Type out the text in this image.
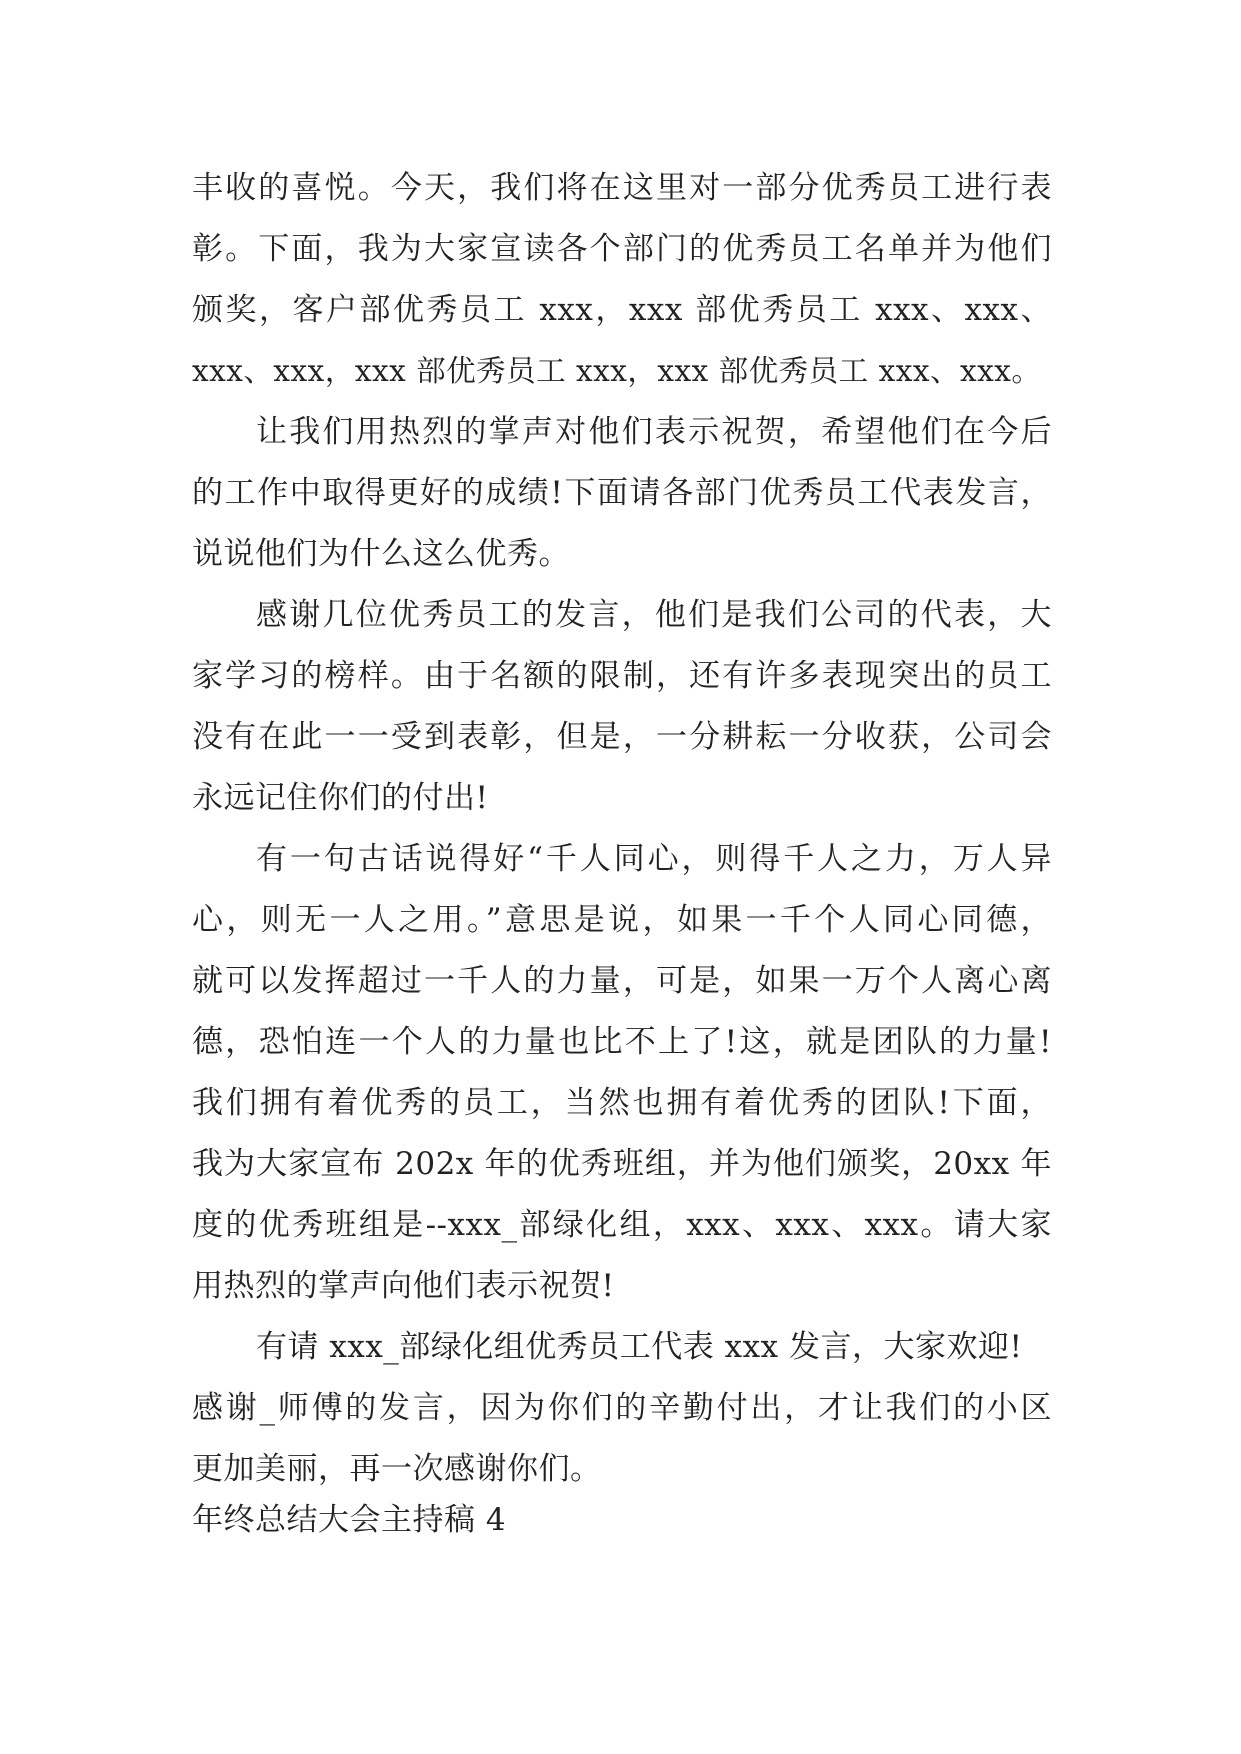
丰收的喜悦。今天，我们将在这里对一部分优秀员工进行表
彰。下面，我为大家宣读各个部门的优秀员工名单并为他们
颁奖，客户部优秀员工 xxx，xxx 部优秀员工 xxx、xxx、
xxx、xxx，xxx 部优秀员工 xxx，xxx 部优秀员工 xxx、xxx。
让我们用热烈的掌声对他们表示祝贺，希望他们在今后
的工作中取得更好的成绩!下面请各部门优秀员工代表发言，
说说他们为什么这么优秀。
感谢几位优秀员工的发言，他们是我们公司的代表，大
家学习的榜样。由于名额的限制，还有许多表现突出的员工
没有在此一一受到表彰，但是，一分耕耘一分收获，公司会
永远记住你们的付出!
有一句古话说得好“千人同心，则得千人之力，万人异
心，则无一人之用。”意思是说，如果一千个人同心同德，
就可以发挥超过一千人的力量，可是，如果一万个人离心离
德，恐怕连一个人的力量也比不上了!这，就是团队的力量!
我们拥有着优秀的员工，当然也拥有着优秀的团队!下面，
我为大家宣布 202x 年的优秀班组，并为他们颁奖，20xx 年
度的优秀班组是--xxx_部绿化组，xxx、xxx、xxx。请大家
用热烈的掌声向他们表示祝贺!
有请 xxx_部绿化组优秀员工代表 xxx 发言，大家欢迎!
感谢_师傅的发言，因为你们的辛勤付出，才让我们的小区
更加美丽，再一次感谢你们。
年终总结大会主持稿 4
